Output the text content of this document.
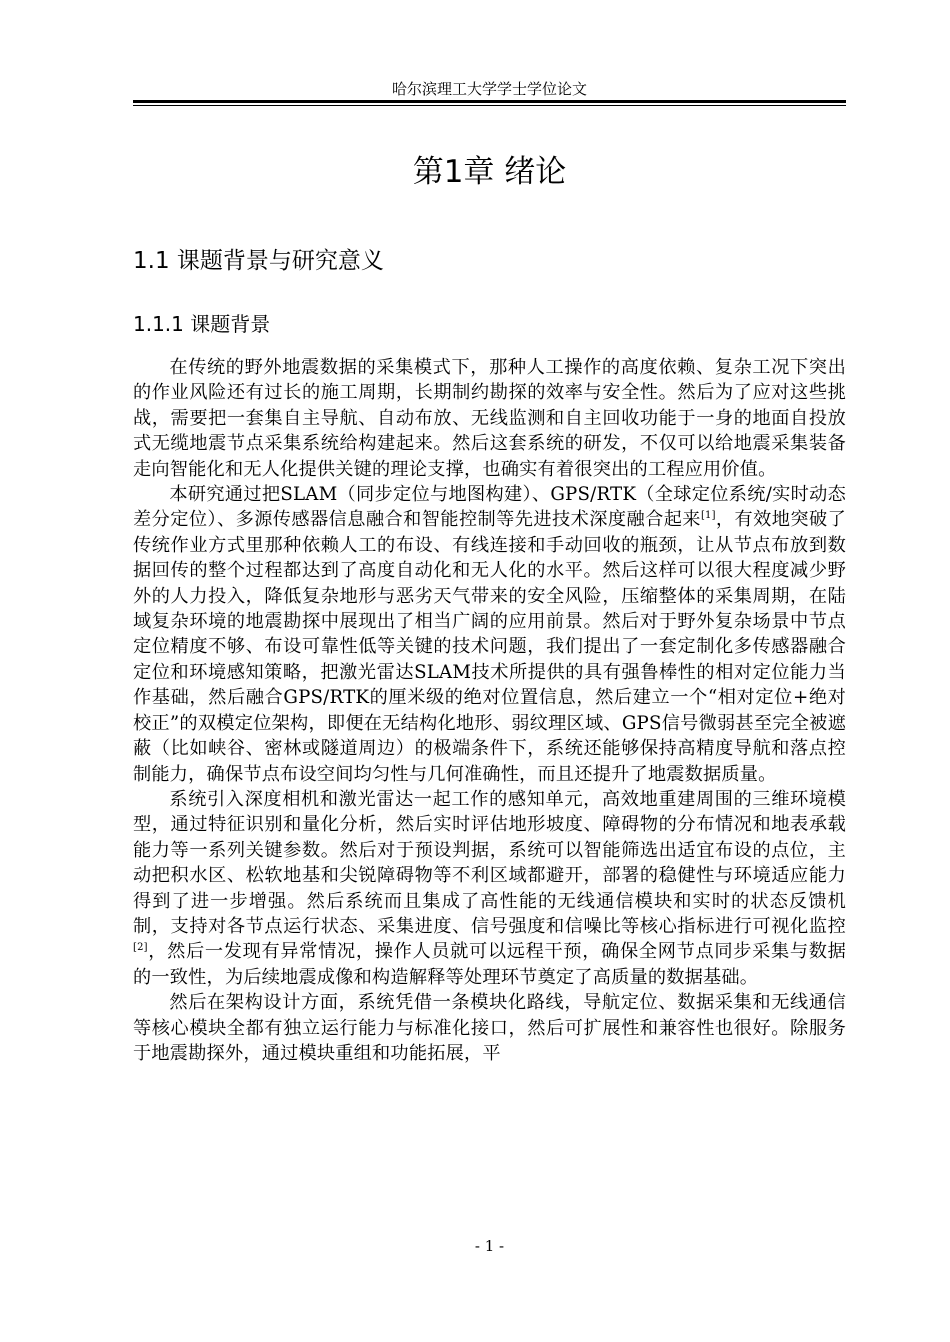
哈尔滨理工大学学士学位论文
第1章 绪论
1.1 课题背景与研究意义
1.1.1 课题背景

在传统的野外地震数据的采集模式下，那种人工操作的高度依赖、复杂工况下突出的作业风险还有过长的施工周期，长期制约勘探的效率与安全性。然后为了应对这些挑战，需要把一套集自主导航、自动布放、无线监测和自主回收功能于一身的地面自投放式无缆地震节点采集系统给构建起来。然后这套系统的研发，不仅可以给地震采集装备走向智能化和无人化提供关键的理论支撑，也确实有着很突出的工程应用价值。

本研究通过把SLAM（同步定位与地图构建）、GPS/RTK（全球定位系统/实时动态差分定位）、多源传感器信息融合和智能控制等先进技术深度融合起来[1]，有效地突破了传统作业方式里那种依赖人工的布设、有线连接和手动回收的瓶颈，让从节点布放到数据回传的整个过程都达到了高度自动化和无人化的水平。然后这样可以很大程度减少野外的人力投入，降低复杂地形与恶劣天气带来的安全风险，压缩整体的采集周期，在陆域复杂环境的地震勘探中展现出了相当广阔的应用前景。然后对于野外复杂场景中节点定位精度不够、布设可靠性低等关键的技术问题，我们提出了一套定制化多传感器融合定位和环境感知策略，把激光雷达SLAM技术所提供的具有强鲁棒性的相对定位能力当作基础，然后融合GPS/RTK的厘米级的绝对位置信息，然后建立一个“相对定位+绝对校正”的双模定位架构，即便在无结构化地形、弱纹理区域、GPS信号微弱甚至完全被遮蔽（比如峡谷、密林或隧道周边）的极端条件下，系统还能够保持高精度导航和落点控制能力，确保节点布设空间均匀性与几何准确性，而且还提升了地震数据质量。

系统引入深度相机和激光雷达一起工作的感知单元，高效地重建周围的三维环境模型，通过特征识别和量化分析，然后实时评估地形坡度、障碍物的分布情况和地表承载能力等一系列关键参数。然后对于预设判据，系统可以智能筛选出适宜布设的点位，主动把积水区、松软地基和尖锐障碍物等不利区域都避开，部署的稳健性与环境适应能力得到了进一步增强。然后系统而且集成了高性能的无线通信模块和实时的状态反馈机制，支持对各节点运行状态、采集进度、信号强度和信噪比等核心指标进行可视化监控[2]，然后一发现有异常情况，操作人员就可以远程干预，确保全网节点同步采集与数据的一致性，为后续地震成像和构造解释等处理环节奠定了高质量的数据基础。

然后在架构设计方面，系统凭借一条模块化路线，导航定位、数据采集和无线通信等核心模块全都有独立运行能力与标准化接口，然后可扩展性和兼容性也很好。除服务于地震勘探外，通过模块重组和功能拓展，平

- 1 -
